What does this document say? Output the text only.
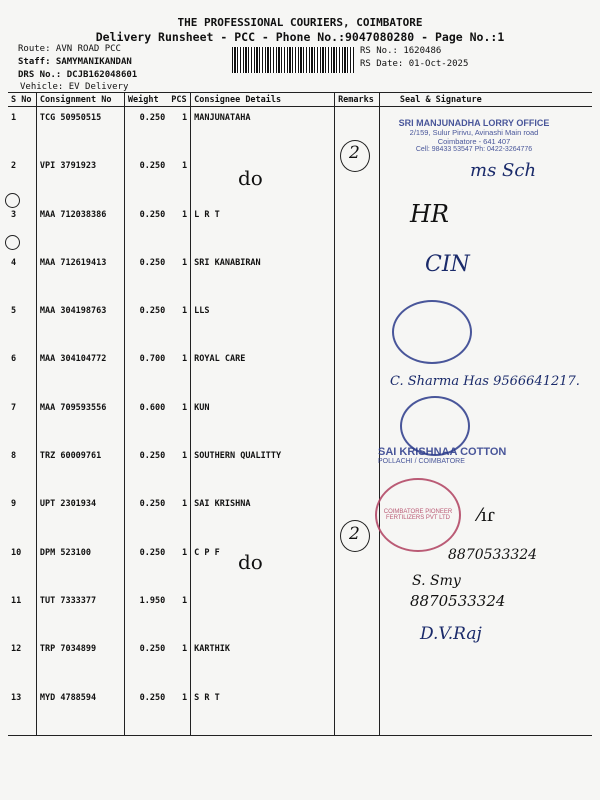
THE PROFESSIONAL COURIERS, COIMBATORE
Delivery Runsheet - PCC - Phone No.:9047080280 - Page No.:1
Route: AVN ROAD PCC
Staff: SAMYMANIKANDAN
DRS No.: DCJB162048601
Vehicle: EV Delivery
RS No.: 1620486
RS Date: 01-Oct-2025
S No	Consignment No	Weight	PCS	Consignee Details	Remarks	Seal & Signature
1	TCG 50950515	0.250	1	MANJUNATAHA		
2	VPI 3791923	0.250	1			
3	MAA 712038386	0.250	1	L R T		
4	MAA 712619413	0.250	1	SRI KANABIRAN		
5	MAA 304198763	0.250	1	LLS		
6	MAA 304104772	0.700	1	ROYAL CARE		
7	MAA 709593556	0.600	1	KUN		
8	TRZ 60009761	0.250	1	SOUTHERN QUALITTY		
9	UPT 2301934	0.250	1	SAI KRISHNA		
10	DPM 523100	0.250	1	C P F		
11	TUT 7333377	1.950	1			
12	TRP 7034899	0.250	1	KARTHIK		
13	MYD 4788594	0.250	1	S R T		
2
2
do
do
SRI MANJUNADHA LORRY OFFICE
2/159, Sulur Pirivu, Avinashi Main road
Coimbatore - 641 407
Cell: 98433 53547 Ph: 0422-3264776
ms Sch
HR
CIN
C. Sharma Has 9566641217.
SAI KRISHNAA COTTON
POLLACHI / COIMBATORE
COIMBATORE PIONEER FERTILIZERS PVT LTD	⁄ıɾ
8870533324
S. Smy
8870533324
D.V.Raj
